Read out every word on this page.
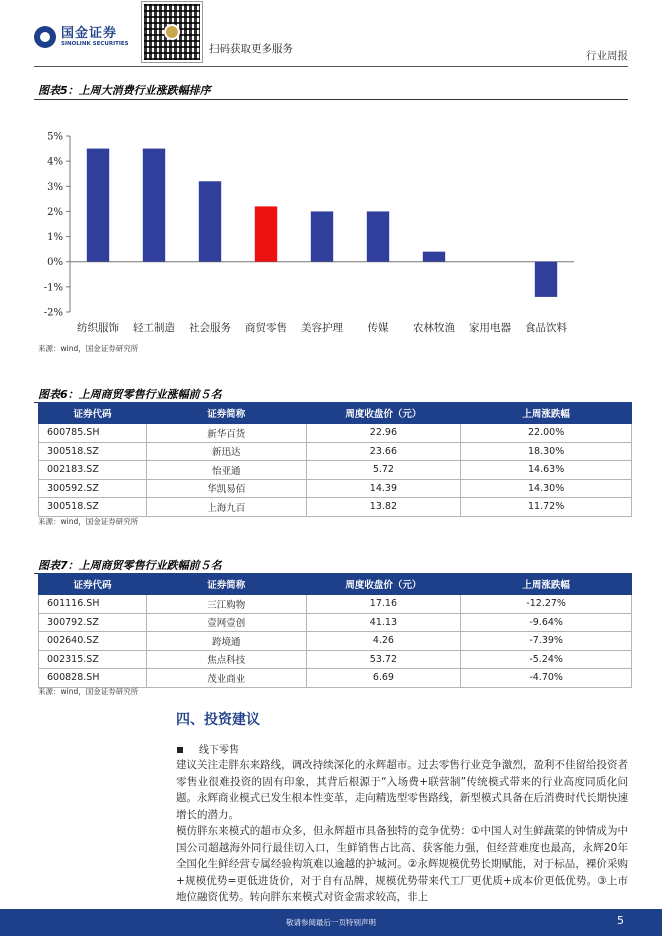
国金证券
SINOLINK SECURITIES	扫码获取更多服务
行业周报
图表5：上周大消费行业涨跌幅排序
-2%
-1%
0%
1%
2%
3%
4%
5%
纺织服饰 轻工制造 社会服务 商贸零售 美容护理 传媒 农林牧渔 家用电器 食品饮料
来源：wind，国金证券研究所
图表6：上周商贸零售行业涨幅前５名
证券代码	证券简称	周度收盘价（元）	上周涨跌幅
600785.SH	新华百货	22.96	22.00%
300518.SZ	新迅达	23.66	18.30%
002183.SZ	怡亚通	5.72	14.63%
300592.SZ	华凯易佰	14.39	14.30%
300518.SZ	上海九百	13.82	11.72%
来源：wind，国金证券研究所
图表7：上周商贸零售行业跌幅前５名
证券代码	证券简称	周度收盘价（元）	上周涨跌幅
601116.SH	三江购物	17.16	-12.27%
300792.SZ	壹网壹创	41.13	-9.64%
002640.SZ	跨境通	4.26	-7.39%
002315.SZ	焦点科技	53.72	-5.24%
600828.SH	茂业商业	6.69	-4.70%
来源：wind，国金证券研究所
四、投资建议
线下零售
建议关注走胖东来路线，调改持续深化的永辉超市。过去零售行业竞争激烈，盈利不佳留给投资者零售业很难投资的固有印象，其背后根源于“入场费+联营制”传统模式带来的行业高度同质化问题。永辉商业模式已发生根本性变革，走向精选型零售路线，新型模式具备在后消费时代长期快速增长的潜力。
模仿胖东来模式的超市众多，但永辉超市具备独特的竞争优势：①中国人对生鲜蔬菜的钟情成为中国公司超越海外同行最佳切入口，生鲜销售占比高、获客能力强，但经营难度也最高，永辉20年全国化生鲜经营专属经验构筑难以逾越的护城河。②永辉规模优势长期赋能，对于标品，裸价采购+规模优势=更低进货价，对于自有品牌，规模优势带来代工厂更优质+成本价更低优势。③上市地位融资优势。转向胖东来模式对资金需求较高，非上
敬请参阅最后一页特别声明	5
